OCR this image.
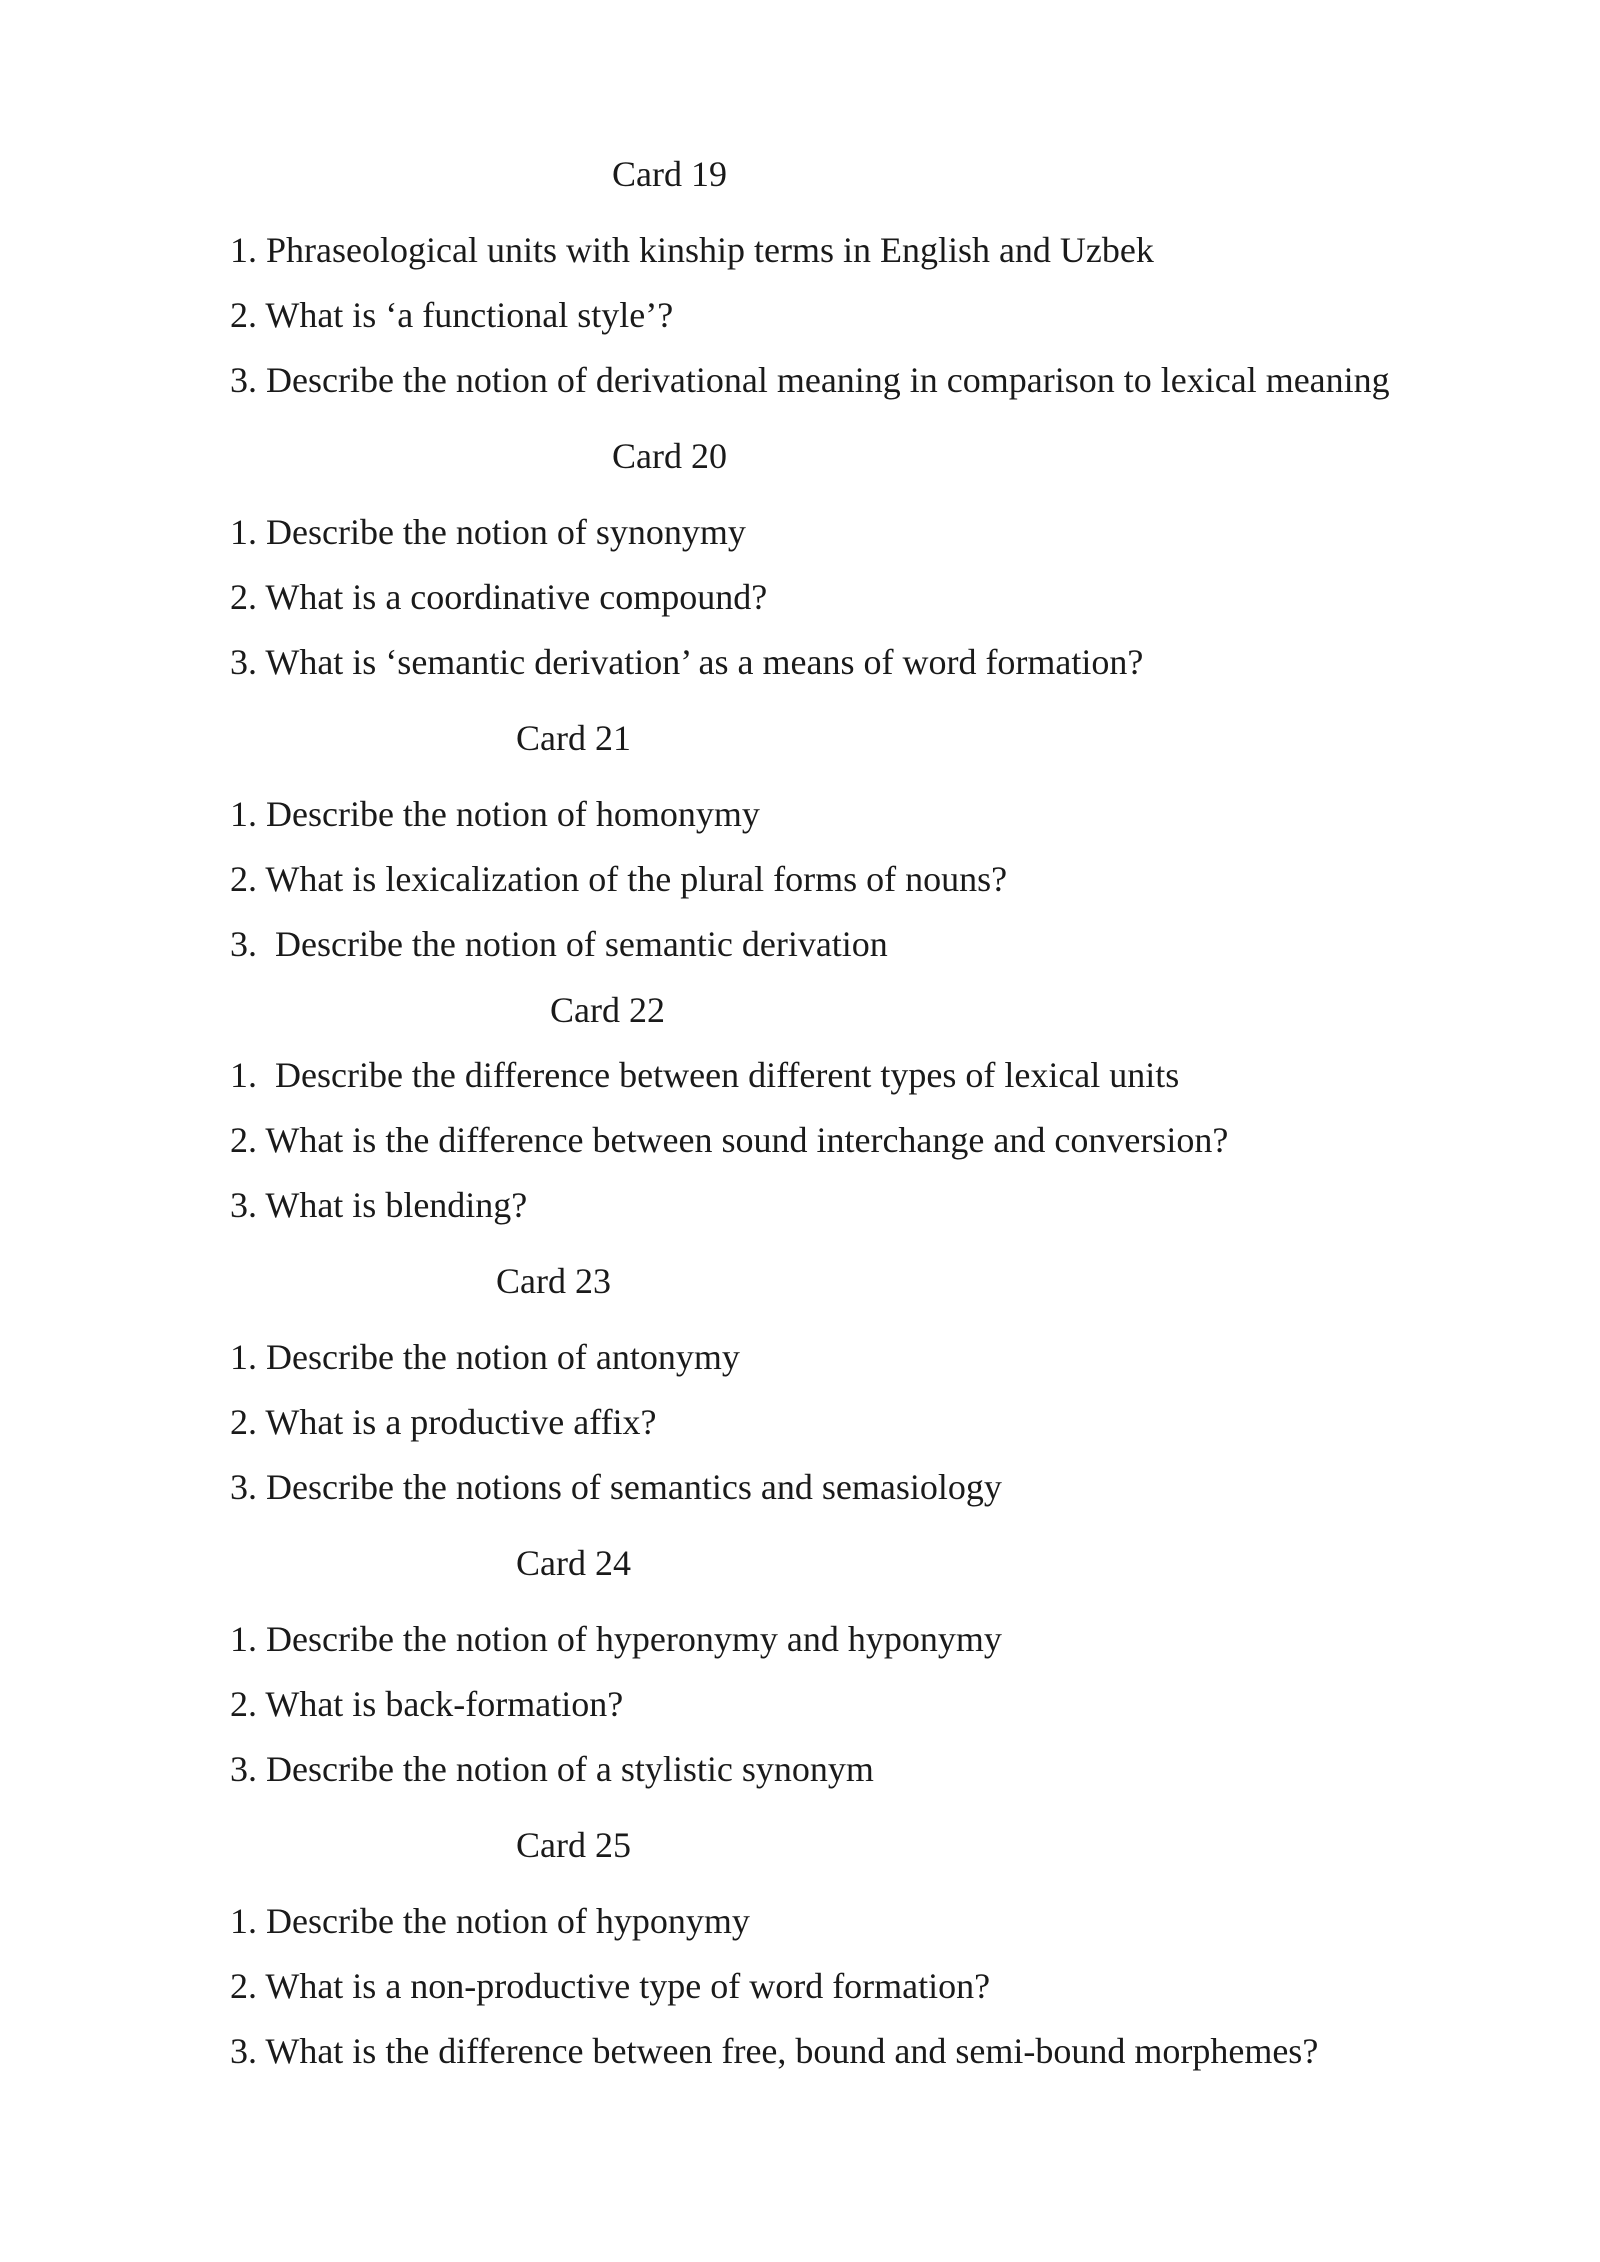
Card 19
1. Phraseological units with kinship terms in English and Uzbek
2. What is ‘a functional style’?
3. Describe the notion of derivational meaning in comparison to lexical meaning
Card 20
1. Describe the notion of synonymy
2. What is a coordinative compound?
3. What is ‘semantic derivation’ as a means of word formation?
Card 21
1. Describe the notion of homonymy
2. What is lexicalization of the plural forms of nouns?
3.  Describe the notion of semantic derivation
Card 22
1.  Describe the difference between different types of lexical units
2. What is the difference between sound interchange and conversion?
3. What is blending?
Card 23
1. Describe the notion of antonymy
2. What is a productive affix?
3. Describe the notions of semantics and semasiology
Card 24
1. Describe the notion of hyperonymy and hyponymy
2. What is back-formation?
3. Describe the notion of a stylistic synonym
Card 25
1. Describe the notion of hyponymy
2. What is a non-productive type of word formation?
3. What is the difference between free, bound and semi-bound morphemes?
